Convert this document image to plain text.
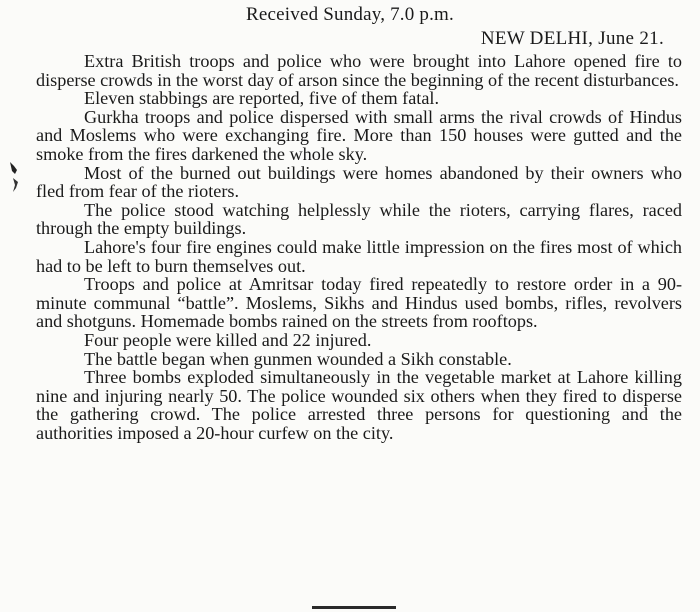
Received Sunday, 7.0 p.m.
NEW DELHI, June 21.

Extra British troops and police who were brought into Lahore opened fire to disperse crowds in the worst day of arson since the beginning of the recent disturbances.

Eleven stabbings are reported, five of them fatal.

Gurkha troops and police dispersed with small arms the rival crowds of Hindus and Moslems who were exchanging fire. More than 150 houses were gutted and the smoke from the fires darkened the whole sky.

Most of the burned out buildings were homes abandoned by their owners who fled from fear of the rioters.

The police stood watching helplessly while the rioters, carrying flares, raced through the empty buildings.

Lahore's four fire engines could make little impression on the fires most of which had to be left to burn themselves out.

Troops and police at Amritsar today fired repeatedly to restore order in a 90-minute communal “battle”. Moslems, Sikhs and Hindus used bombs, rifles, revolvers and shotguns. Homemade bombs rained on the streets from rooftops.

Four people were killed and 22 injured.

The battle began when gunmen wounded a Sikh constable.

Three bombs exploded simultaneously in the vegetable market at Lahore killing nine and injuring nearly 50. The police wounded six others when they fired to disperse the gathering crowd. The police arrested three persons for questioning and the authorities imposed a 20-hour curfew on the city.
